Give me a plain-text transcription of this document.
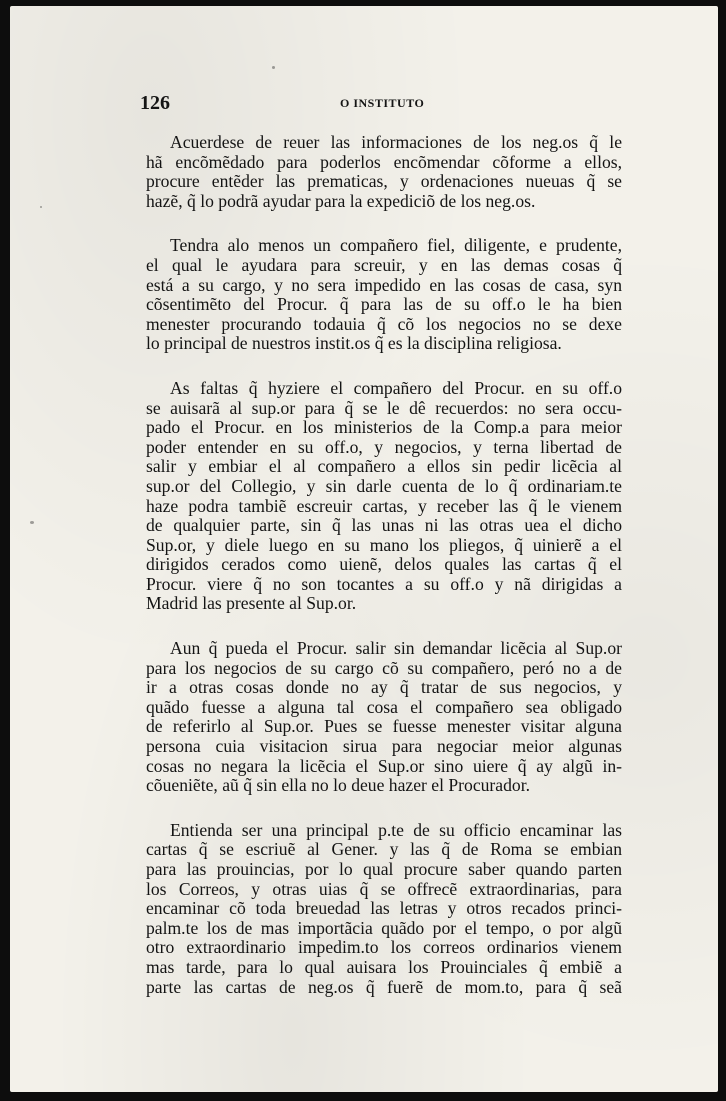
126	O INSTITUTO
Acuerdese de reuer las informaciones de los neg.os q̃ le
hã encõmẽdado para poderlos encõmendar cõforme a ellos,
procure entẽder las prematicas, y ordenaciones nueuas q̃ se
hazẽ, q̃ lo podrã ayudar para la expediciõ de los neg.os.
Tendra alo menos un compañero fiel, diligente, e prudente,
el qual le ayudara para screuir, y en las demas cosas q̃
está a su cargo, y no sera impedido en las cosas de casa, syn
cõsentimẽto del Procur. q̃ para las de su off.o le ha bien
menester procurando todauia q̃ cõ los negocios no se dexe
lo principal de nuestros instit.os q̃ es la disciplina religiosa.
As faltas q̃ hyziere el compañero del Procur. en su off.o
se auisarã al sup.or para q̃ se le dê recuerdos: no sera occu-
pado el Procur. en los ministerios de la Comp.a para meior
poder entender en su off.o, y negocios, y terna libertad de
salir y embiar el al compañero a ellos sin pedir licẽcia al
sup.or del Collegio, y sin darle cuenta de lo q̃ ordinariam.te
haze podra tambiẽ escreuir cartas, y receber las q̃ le vienem
de qualquier parte, sin q̃ las unas ni las otras uea el dicho
Sup.or, y diele luego en su mano los pliegos, q̃ uinierẽ a el
dirigidos cerados como uienẽ, delos quales las cartas q̃ el
Procur. viere q̃ no son tocantes a su off.o y nã dirigidas a
Madrid las presente al Sup.or.
Aun q̃ pueda el Procur. salir sin demandar licẽcia al Sup.or
para los negocios de su cargo cõ su compañero, peró no a de
ir a otras cosas donde no ay q̃ tratar de sus negocios, y
quãdo fuesse a alguna tal cosa el compañero sea obligado
de referirlo al Sup.or. Pues se fuesse menester visitar alguna
persona cuia visitacion sirua para negociar meior algunas
cosas no negara la licẽcia el Sup.or sino uiere q̃ ay algũ in-
cõueniẽte, aũ q̃ sin ella no lo deue hazer el Procurador.
Entienda ser una principal p.te de su officio encaminar las
cartas q̃ se escriuẽ al Gener. y las q̃ de Roma se embian
para las prouincias, por lo qual procure saber quando parten
los Correos, y otras uias q̃ se offrecẽ extraordinarias, para
encaminar cõ toda breuedad las letras y otros recados princi-
palm.te los de mas importãcia quãdo por el tempo, o por algũ
otro extraordinario impedim.to los correos ordinarios vienem
mas tarde, para lo qual auisara los Prouinciales q̃ embiẽ a
parte las cartas de neg.os q̃ fuerẽ de mom.to, para q̃ seã
